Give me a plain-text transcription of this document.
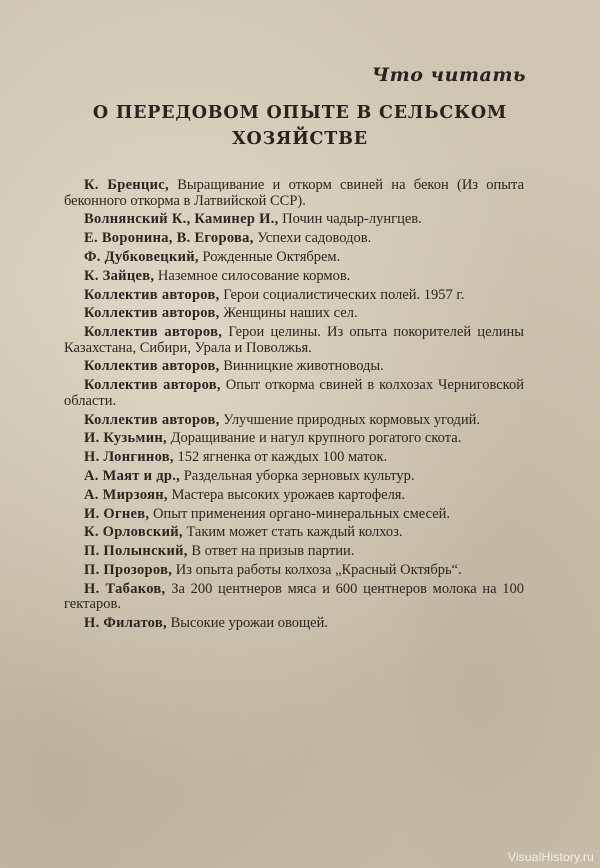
Что читать
О ПЕРЕДОВОМ ОПЫТЕ В СЕЛЬСКОМ
ХОЗЯЙСТВЕ
К. Бренцис, Выращивание и откорм свиней на бекон (Из опыта беконного откорма в Латвийской ССР).
Волнянский К., Каминер И., Почин чадыр-лунгцев.
Е. Воронина, В. Егорова, Успехи садоводов.
Ф. Дубковецкий, Рожденные Октябрем.
К. Зайцев, Наземное силосование кормов.
Коллектив авторов, Герои социалистических полей. 1957 г.
Коллектив авторов, Женщины наших сел.
Коллектив авторов, Герои целины. Из опыта покорителей целины Казахстана, Сибири, Урала и Поволжья.
Коллектив авторов, Винницкие животноводы.
Коллектив авторов, Опыт откорма свиней в колхозах Черниговской области.
Коллектив авторов, Улучшение природных кормовых угодий.
И. Кузьмин, Доращивание и нагул крупного рогатого скота.
Н. Лонгинов, 152 ягненка от каждых 100 маток.
А. Маят и др., Раздельная уборка зерновых культур.
А. Мирзоян, Мастера высоких урожаев картофеля.
И. Огнев, Опыт применения органо-минеральных смесей.
К. Орловский, Таким может стать каждый колхоз.
П. Полынский, В ответ на призыв партии.
П. Прозоров, Из опыта работы колхоза „Красный Октябрь“.
Н. Табаков, За 200 центнеров мяса и 600 центнеров молока на 100 гектаров.
Н. Филатов, Высокие урожаи овощей.
VisualHistory.ru
